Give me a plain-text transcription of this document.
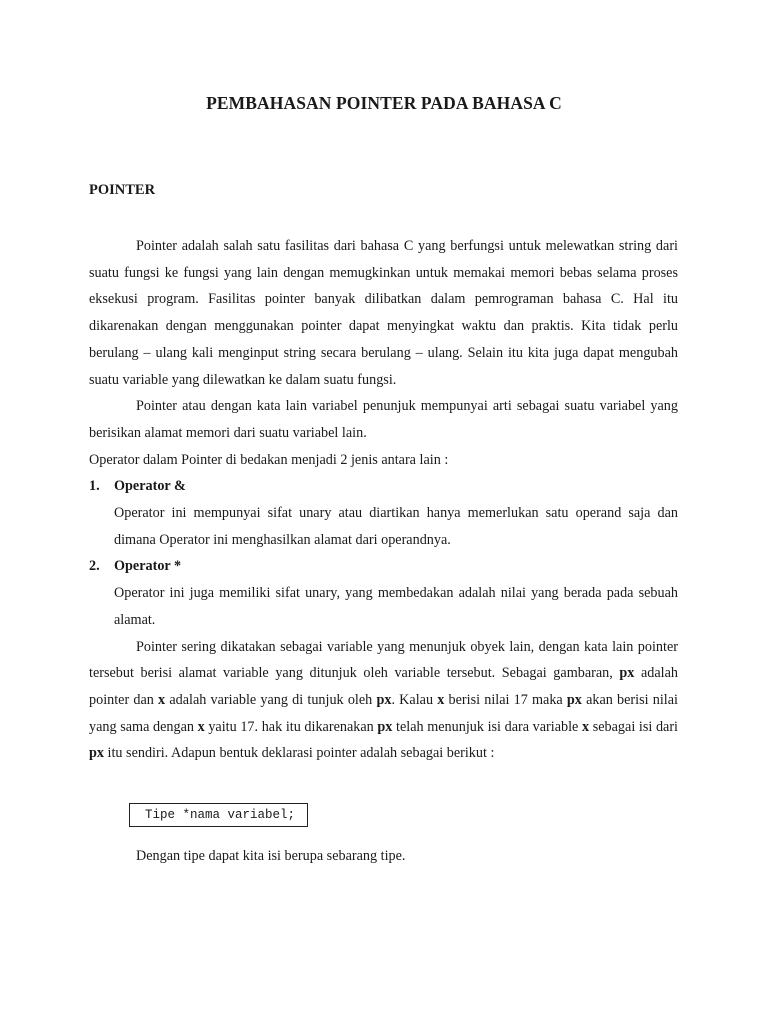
PEMBAHASAN POINTER PADA BAHASA C
POINTER

Pointer adalah salah satu fasilitas dari bahasa C yang berfungsi untuk melewatkan string dari suatu fungsi ke fungsi yang lain dengan memugkinkan untuk memakai memori bebas selama proses eksekusi program. Fasilitas pointer banyak dilibatkan dalam pemrograman bahasa C. Hal itu dikarenakan dengan menggunakan pointer dapat menyingkat waktu dan praktis. Kita tidak perlu berulang – ulang kali menginput string secara berulang – ulang. Selain itu kita juga dapat mengubah suatu variable yang dilewatkan ke dalam suatu fungsi.

Pointer atau dengan kata lain variabel penunjuk mempunyai arti sebagai suatu variabel yang berisikan alamat memori dari suatu variabel lain.

Operator dalam Pointer di bedakan menjadi 2 jenis antara lain :

1.	Operator &

Operator ini mempunyai sifat unary atau diartikan hanya memerlukan satu operand saja dan dimana Operator ini menghasilkan alamat dari operandnya.

2.	Operator *

Operator ini juga memiliki sifat unary, yang membedakan adalah nilai yang berada pada sebuah alamat.

Pointer sering dikatakan sebagai variable yang menunjuk obyek lain, dengan kata lain pointer tersebut berisi alamat variable yang ditunjuk oleh variable tersebut. Sebagai gambaran, px adalah pointer dan x adalah variable yang di tunjuk oleh px. Kalau x berisi nilai 17 maka px akan berisi nilai yang sama dengan x yaitu 17. hak itu dikarenakan px telah menunjuk isi dara variable x sebagai isi dari px itu sendiri. Adapun bentuk deklarasi pointer adalah sebagai berikut :

Tipe *nama variabel;

Dengan tipe dapat kita isi berupa sebarang tipe.
